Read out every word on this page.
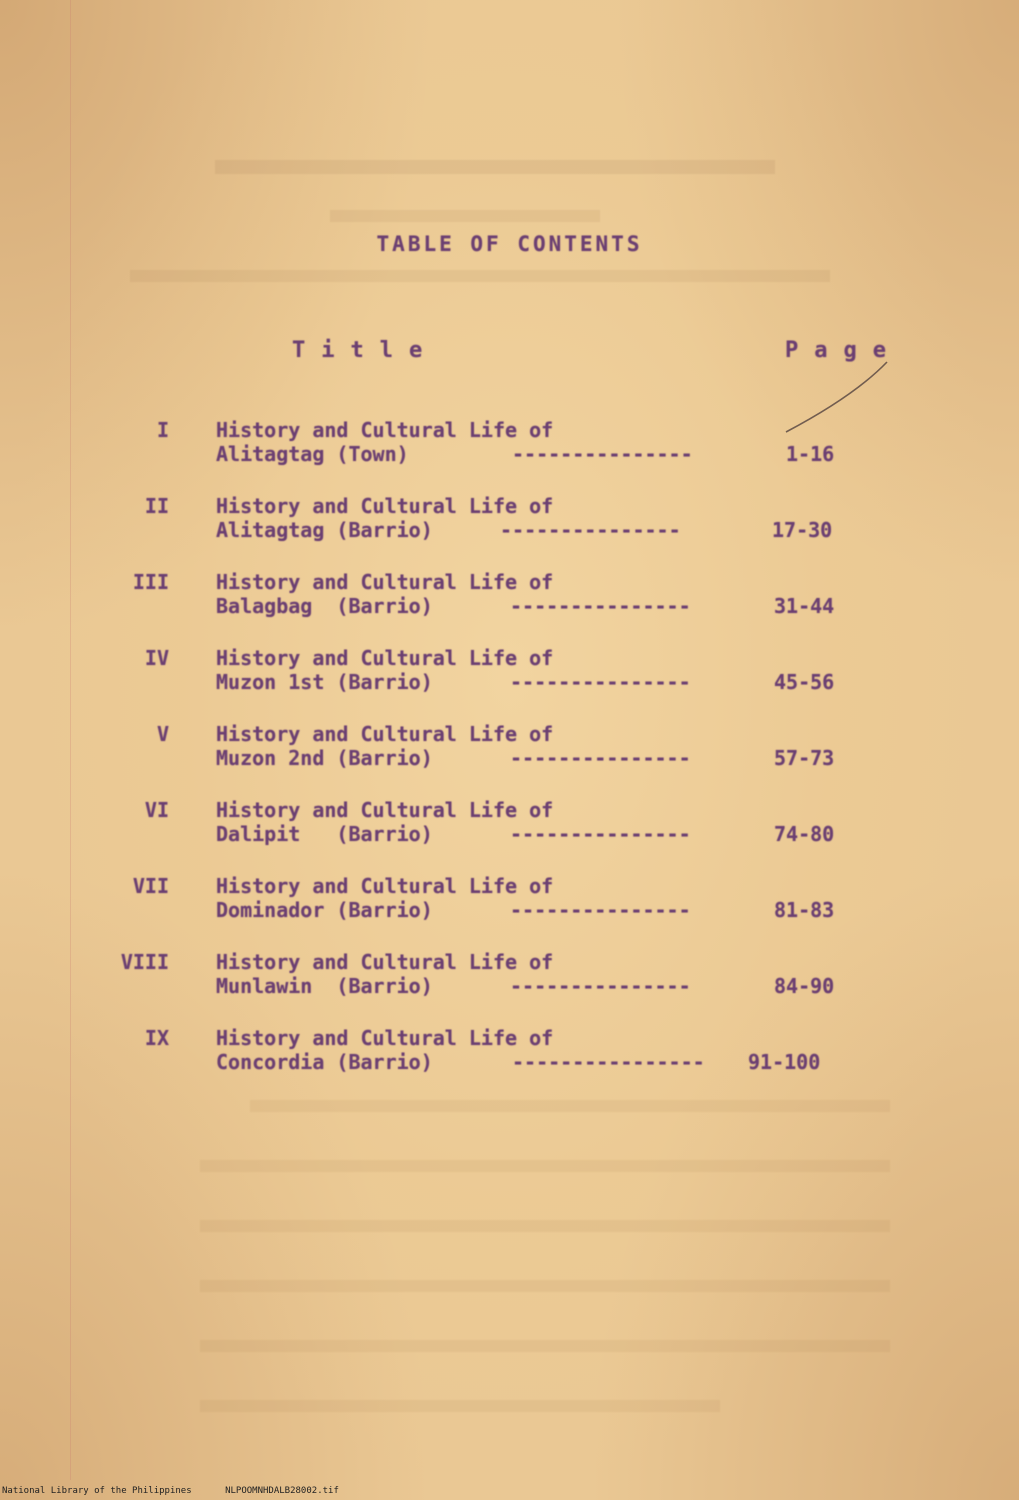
TABLE OF CONTENTS
Title	Page
I History and Cultural Life of
Alitagtag (Town)	---------------	1-16
II History and Cultural Life of
Alitagtag (Barrio)	---------------	17-30
III History and Cultural Life of
Balagbag  (Barrio)	---------------	31-44
IV History and Cultural Life of
Muzon 1st (Barrio)	---------------	45-56
V History and Cultural Life of
Muzon 2nd (Barrio)	---------------	57-73
VI History and Cultural Life of
Dalipit   (Barrio)	---------------	74-80
VII History and Cultural Life of
Dominador (Barrio)	---------------	81-83
VIII History and Cultural Life of
Munlawin  (Barrio)	---------------	84-90
IX History and Cultural Life of
Concordia (Barrio)	----------------	91-100
National Library of the Philippines	NLPOOMNHDALB28002.tif
